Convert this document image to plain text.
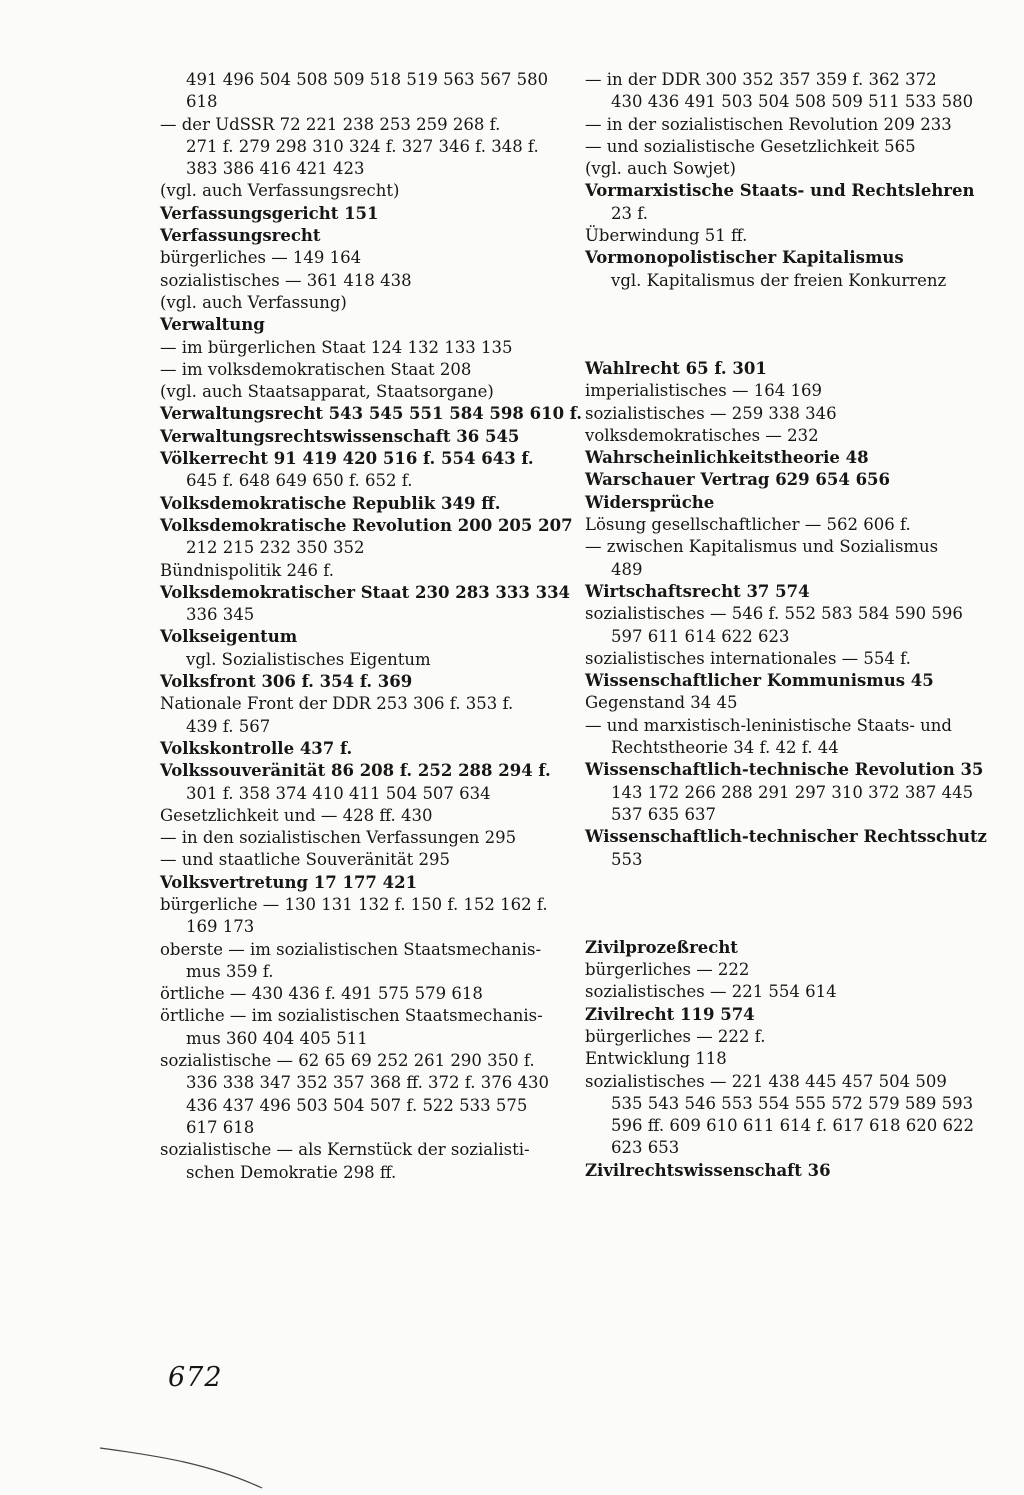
491 496 504 508 509 518 519 563 567 580
618
— der UdSSR 72 221 238 253 259 268 f.
271 f. 279 298 310 324 f. 327 346 f. 348 f.
383 386 416 421 423
(vgl. auch Verfassungsrecht)
Verfassungsgericht 151
Verfassungsrecht
bürgerliches — 149 164
sozialistisches — 361 418 438
(vgl. auch Verfassung)
Verwaltung
— im bürgerlichen Staat 124 132 133 135
— im volksdemokratischen Staat 208
(vgl. auch Staatsapparat, Staatsorgane)
Verwaltungsrecht 543 545 551 584 598 610 f.
Verwaltungsrechtswissenschaft 36 545
Völkerrecht 91 419 420 516 f. 554 643 f.
645 f. 648 649 650 f. 652 f.
Volksdemokratische Republik 349 ff.
Volksdemokratische Revolution 200 205 207
212 215 232 350 352
Bündnispolitik 246 f.
Volksdemokratischer Staat 230 283 333 334
336 345
Volkseigentum
vgl. Sozialistisches Eigentum
Volksfront 306 f. 354 f. 369
Nationale Front der DDR 253 306 f. 353 f.
439 f. 567
Volkskontrolle 437 f.
Volkssouveränität 86 208 f. 252 288 294 f.
301 f. 358 374 410 411 504 507 634
Gesetzlichkeit und — 428 ff. 430
— in den sozialistischen Verfassungen 295
— und staatliche Souveränität 295
Volksvertretung 17 177 421
bürgerliche — 130 131 132 f. 150 f. 152 162 f.
169 173
oberste — im sozialistischen Staatsmechanis-
mus 359 f.
örtliche — 430 436 f. 491 575 579 618
örtliche — im sozialistischen Staatsmechanis-
mus 360 404 405 511
sozialistische — 62 65 69 252 261 290 350 f.
336 338 347 352 357 368 ff. 372 f. 376 430
436 437 496 503 504 507 f. 522 533 575
617 618
sozialistische — als Kernstück der sozialisti-
schen Demokratie 298 ff.
— in der DDR 300 352 357 359 f. 362 372
430 436 491 503 504 508 509 511 533 580
— in der sozialistischen Revolution 209 233
— und sozialistische Gesetzlichkeit 565
(vgl. auch Sowjet)
Vormarxistische Staats- und Rechtslehren
23 f.
Überwindung 51 ff.
Vormonopolistischer Kapitalismus
vgl. Kapitalismus der freien Konkurrenz
Wahlrecht 65 f. 301
imperialistisches — 164 169
sozialistisches — 259 338 346
volksdemokratisches — 232
Wahrscheinlichkeitstheorie 48
Warschauer Vertrag 629 654 656
Widersprüche
Lösung gesellschaftlicher — 562 606 f.
— zwischen Kapitalismus und Sozialismus
489
Wirtschaftsrecht 37 574
sozialistisches — 546 f. 552 583 584 590 596
597 611 614 622 623
sozialistisches internationales — 554 f.
Wissenschaftlicher Kommunismus 45
Gegenstand 34 45
— und marxistisch-leninistische Staats- und
Rechtstheorie 34 f. 42 f. 44
Wissenschaftlich-technische Revolution 35
143 172 266 288 291 297 310 372 387 445
537 635 637
Wissenschaftlich-technischer Rechtsschutz
553
Zivilprozeßrecht
bürgerliches — 222
sozialistisches — 221 554 614
Zivilrecht 119 574
bürgerliches — 222 f.
Entwicklung 118
sozialistisches — 221 438 445 457 504 509
535 543 546 553 554 555 572 579 589 593
596 ff. 609 610 611 614 f. 617 618 620 622
623 653
Zivilrechtswissenschaft 36
672
